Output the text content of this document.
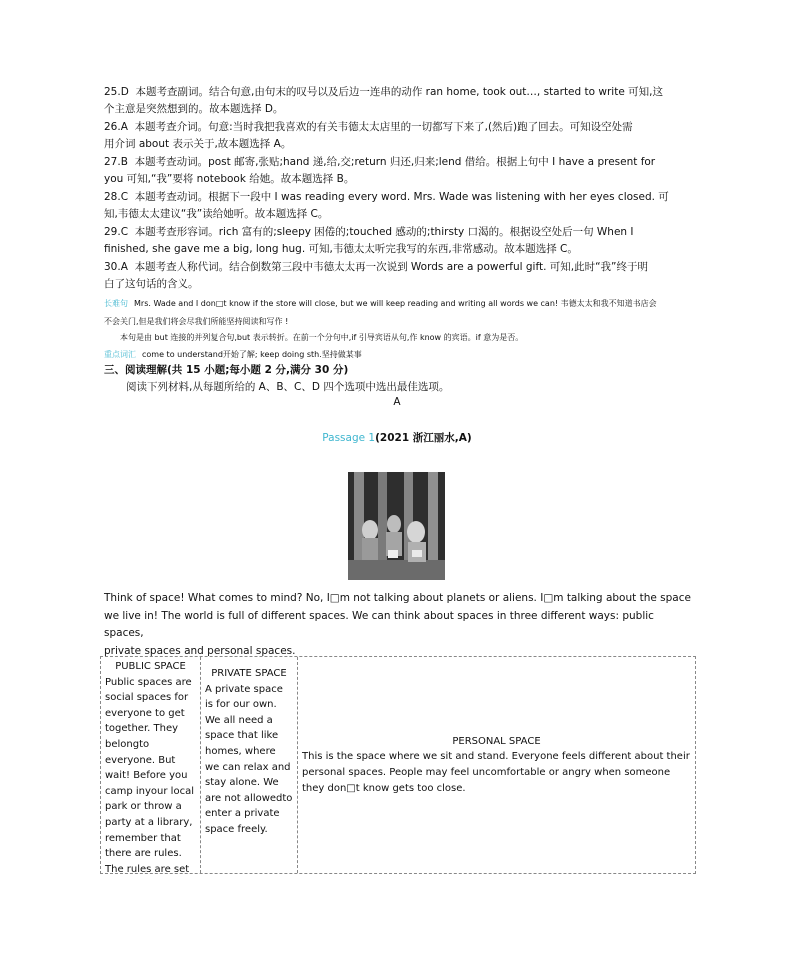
25.D 本题考查副词。结合句意,由句末的叹号以及后边一连串的动作 ran home, took out…, started to write 可知,这
个主意是突然想到的。故本题选择 D。
26.A 本题考查介词。句意:当时我把我喜欢的有关韦德太太店里的一切都写下来了,(然后)跑了回去。可知设空处需
用介词 about 表示关于,故本题选择 A。
27.B 本题考查动词。post 邮寄,张贴;hand 递,给,交;return 归还,归来;lend 借给。根据上句中 I have a present for
you 可知,“我”要将 notebook 给她。故本题选择 B。
28.C 本题考查动词。根据下一段中 I was reading every word. Mrs. Wade was listening with her eyes closed. 可
知,韦德太太建议“我”读给她听。故本题选择 C。
29.C 本题考查形容词。rich 富有的;sleepy 困倦的;touched 感动的;thirsty 口渴的。根据设空处后一句 When I
finished, she gave me a big, long hug. 可知,韦德太太听完我写的东西,非常感动。故本题选择 C。
30.A 本题考查人称代词。结合倒数第三段中韦德太太再一次说到 Words are a powerful gift. 可知,此时“我”终于明
白了这句话的含义。
长难句 Mrs. Wade and I don□t know if the store will close, but we will keep reading and writing all words we can! 韦德太太和我不知道书店会
不会关门,但是我们将会尽我们所能坚持阅读和写作 !
本句是由 but 连接的并列复合句,but 表示转折。在前一个分句中,if 引导宾语从句,作 know 的宾语。if 意为是否。
重点词汇 come to understand开始了解; keep doing sth.坚持做某事
三、阅读理解(共 15 小题;每小题 2 分,满分 30 分)
阅读下列材料,从每题所给的 A、B、C、D 四个选项中选出最佳选项。
A
Passage 1(2021 浙江丽水,A)
Think of space! What comes to mind? No, I□m not talking about planets or aliens. I□m talking about the space
we live in! The world is full of different spaces. We can think about spaces in three different ways: public spaces,
private spaces and personal spaces.
PUBLIC SPACE
Public spaces are social spaces for everyone to get together. They belongto everyone. But wait! Before you camp inyour local park or throw a party at a library, remember that there are rules. The rules are set
PRIVATE SPACE
A private space is for our own. We all need a space that like homes, where we can relax and stay alone. We are not allowedto enter a private space freely.
PERSONAL SPACE
This is the space where we sit and stand. Everyone feels different about their personal spaces. People may feel uncomfortable or angry when someone they don□t know gets too close.
